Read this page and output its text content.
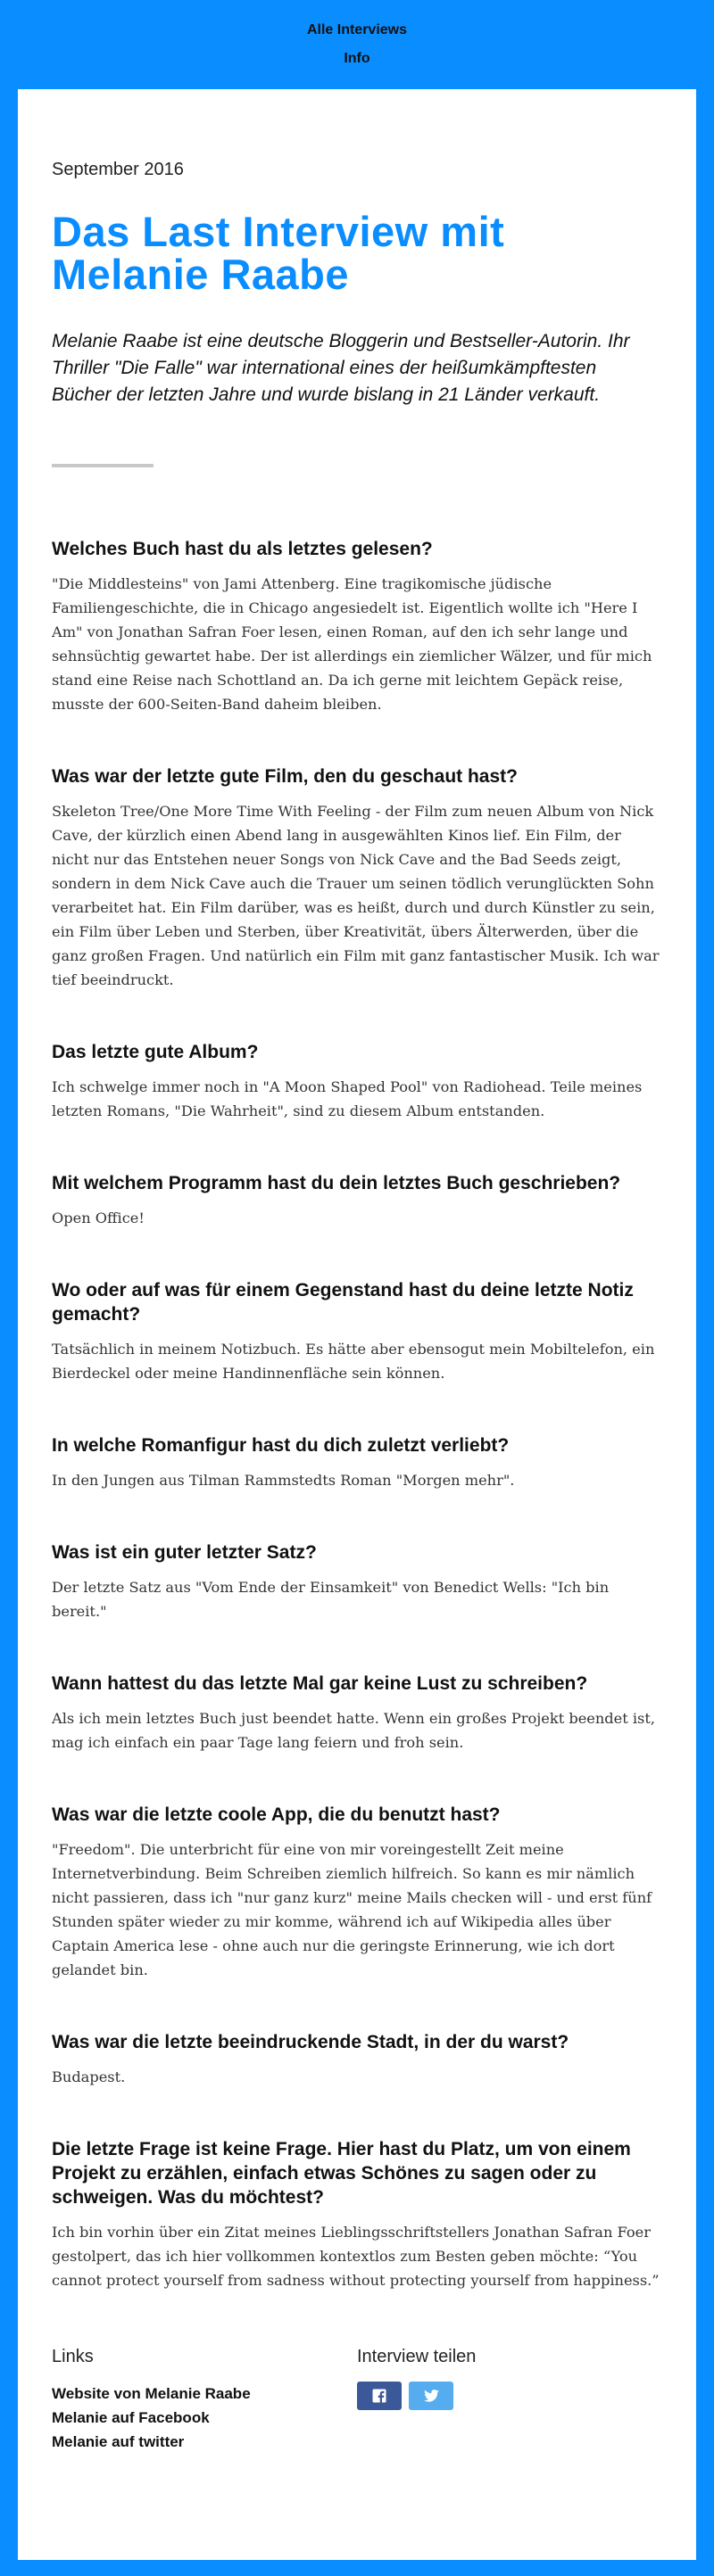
Alle Interviews
Info
September 2016
Das Last Interview mit Melanie Raabe

Melanie Raabe ist eine deutsche Bloggerin und Bestseller-Autorin. Ihr Thriller "Die Falle" war international eines der heißumkämpftesten Bücher der letzten Jahre und wurde bislang in 21 Länder verkauft.

Welches Buch hast du als letztes gelesen?

"Die Middlesteins" von Jami Attenberg. Eine tragikomische jüdische Familiengeschichte, die in Chicago angesiedelt ist. Eigentlich wollte ich "Here I Am" von Jonathan Safran Foer lesen, einen Roman, auf den ich sehr lange und sehnsüchtig gewartet habe. Der ist allerdings ein ziemlicher Wälzer, und für mich stand eine Reise nach Schottland an. Da ich gerne mit leichtem Gepäck reise, musste der 600-Seiten-Band daheim bleiben.

Was war der letzte gute Film, den du geschaut hast?

Skeleton Tree/One More Time With Feeling - der Film zum neuen Album von Nick Cave, der kürzlich einen Abend lang in ausgewählten Kinos lief. Ein Film, der nicht nur das Entstehen neuer Songs von Nick Cave and the Bad Seeds zeigt, sondern in dem Nick Cave auch die Trauer um seinen tödlich verunglückten Sohn verarbeitet hat. Ein Film darüber, was es heißt, durch und durch Künstler zu sein, ein Film über Leben und Sterben, über Kreativität, übers Älterwerden, über die ganz großen Fragen. Und natürlich ein Film mit ganz fantastischer Musik. Ich war tief beeindruckt.

Das letzte gute Album?

Ich schwelge immer noch in "A Moon Shaped Pool" von Radiohead. Teile meines letzten Romans, "Die Wahrheit", sind zu diesem Album entstanden.

Mit welchem Programm hast du dein letztes Buch geschrieben?

Open Office!

Wo oder auf was für einem Gegenstand hast du deine letzte Notiz gemacht?

Tatsächlich in meinem Notizbuch. Es hätte aber ebensogut mein Mobiltelefon, ein Bierdeckel oder meine Handinnenfläche sein können.

In welche Romanfigur hast du dich zuletzt verliebt?

In den Jungen aus Tilman Rammstedts Roman "Morgen mehr".

Was ist ein guter letzter Satz?

Der letzte Satz aus "Vom Ende der Einsamkeit" von Benedict Wells: "Ich bin bereit."

Wann hattest du das letzte Mal gar keine Lust zu schreiben?

Als ich mein letztes Buch just beendet hatte. Wenn ein großes Projekt beendet ist, mag ich einfach ein paar Tage lang feiern und froh sein.

Was war die letzte coole App, die du benutzt hast?

"Freedom". Die unterbricht für eine von mir voreingestellt Zeit meine Internetverbindung. Beim Schreiben ziemlich hilfreich. So kann es mir nämlich nicht passieren, dass ich "nur ganz kurz" meine Mails checken will - und erst fünf Stunden später wieder zu mir komme, während ich auf Wikipedia alles über Captain America lese - ohne auch nur die geringste Erinnerung, wie ich dort gelandet bin.

Was war die letzte beeindruckende Stadt, in der du warst?

Budapest.

Die letzte Frage ist keine Frage. Hier hast du Platz, um von einem Projekt zu erzählen, einfach etwas Schönes zu sagen oder zu schweigen. Was du möchtest?

Ich bin vorhin über ein Zitat meines Lieblingsschriftstellers Jonathan Safran Foer gestolpert, das ich hier vollkommen kontextlos zum Besten geben möchte: “You cannot protect yourself from sadness without protecting yourself from happiness.”

Links
Website von Melanie Raabe
Melanie auf Facebook
Melanie auf twitter
Interview teilen
